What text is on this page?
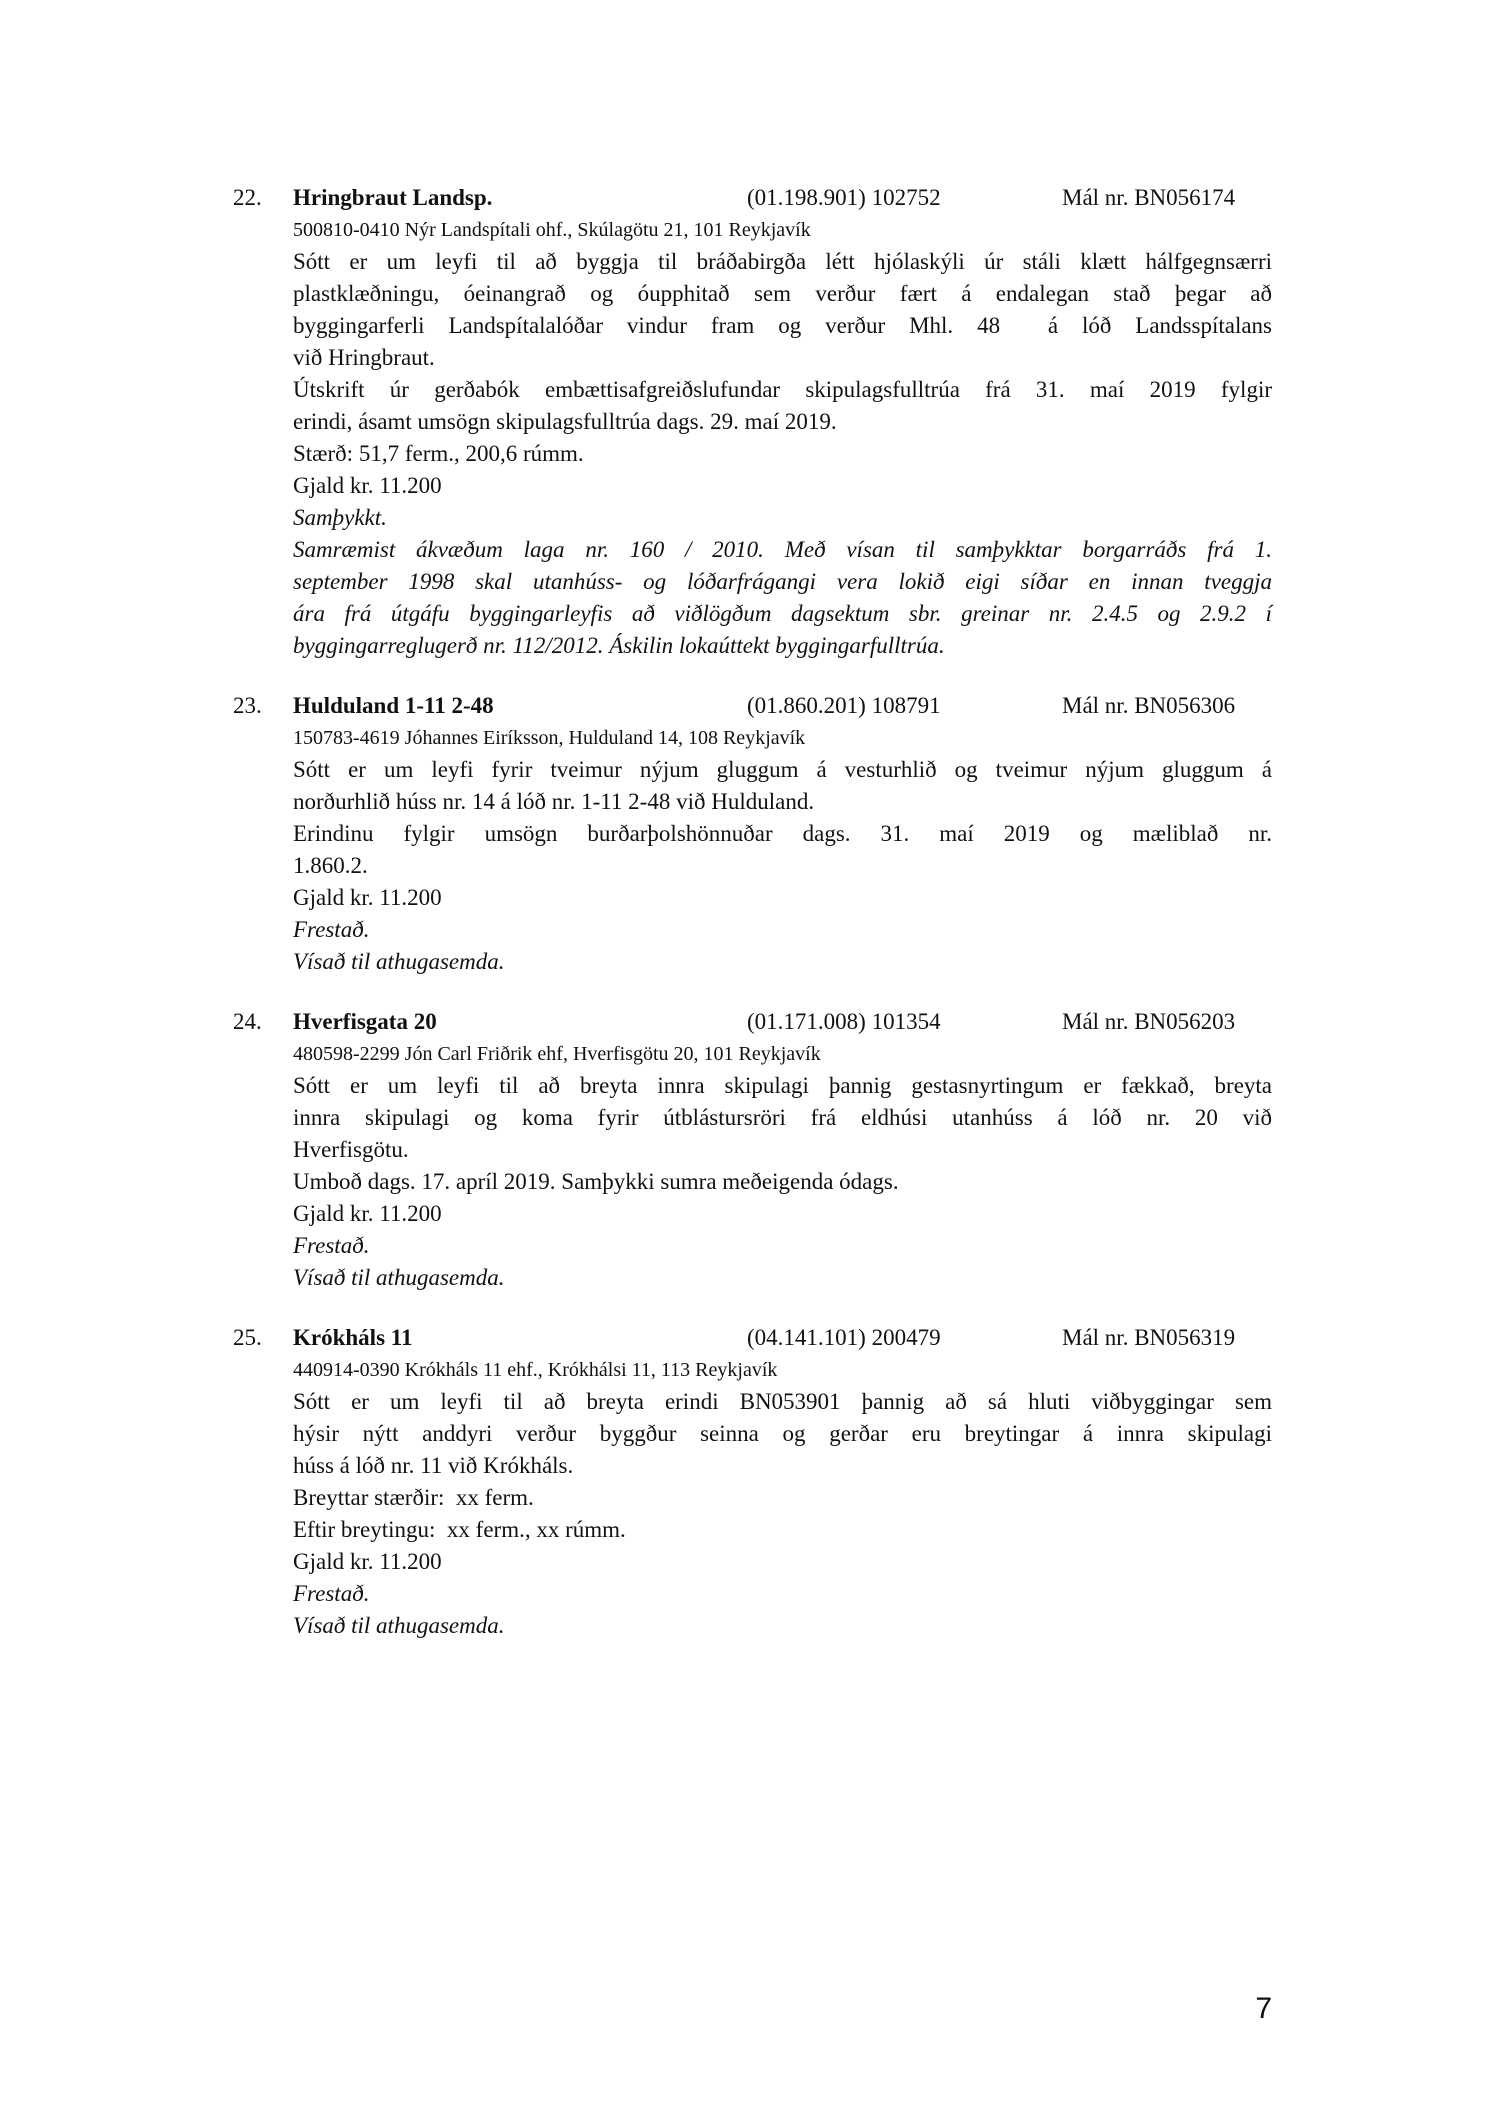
22. Hringbraut Landsp.	(01.198.901) 102752	Mál nr. BN056174
500810-0410 Nýr Landspítali ohf., Skúlagötu 21, 101 Reykjavík
Sótt er um leyfi til að byggja til bráðabirgða létt hjólaskýli úr stáli klætt hálfgegnsærri
plastklæðningu, óeinangrað og óupphitað sem verður fært á endalegan stað þegar að
byggingarferli Landspítalalóðar vindur fram og verður Mhl. 48  á lóð Landsspítalans
við Hringbraut.
Útskrift úr gerðabók embættisafgreiðslufundar skipulagsfulltrúa frá 31. maí 2019 fylgir
erindi, ásamt umsögn skipulagsfulltrúa dags. 29. maí 2019.
Stærð: 51,7 ferm., 200,6 rúmm.
Gjald kr. 11.200
Samþykkt.
Samræmist ákvæðum laga nr. 160 / 2010. Með vísan til samþykktar borgarráðs frá 1.
september 1998 skal utanhúss- og lóðarfrágangi vera lokið eigi síðar en innan tveggja
ára frá útgáfu byggingarleyfis að viðlögðum dagsektum sbr. greinar nr. 2.4.5 og 2.9.2 í
byggingarreglugerð nr. 112/2012. Áskilin lokaúttekt byggingarfulltrúa.
23. Hulduland 1-11 2-48	(01.860.201) 108791	Mál nr. BN056306
150783-4619 Jóhannes Eiríksson, Hulduland 14, 108 Reykjavík
Sótt er um leyfi fyrir tveimur nýjum gluggum á vesturhlið og tveimur nýjum gluggum á
norðurhlið húss nr. 14 á lóð nr. 1-11 2-48 við Hulduland.
Erindinu fylgir umsögn burðarþolshönnuðar dags. 31. maí 2019 og mæliblað nr.
1.860.2.
Gjald kr. 11.200
Frestað.
Vísað til athugasemda.
24. Hverfisgata 20	(01.171.008) 101354	Mál nr. BN056203
480598-2299 Jón Carl Friðrik ehf, Hverfisgötu 20, 101 Reykjavík
Sótt er um leyfi til að breyta innra skipulagi þannig gestasnyrtingum er fækkað, breyta
innra skipulagi og koma fyrir útblástursröri frá eldhúsi utanhúss á lóð nr. 20 við
Hverfisgötu.
Umboð dags. 17. apríl 2019. Samþykki sumra meðeigenda ódags.
Gjald kr. 11.200
Frestað.
Vísað til athugasemda.
25. Krókháls 11	(04.141.101) 200479	Mál nr. BN056319
440914-0390 Krókháls 11 ehf., Krókhálsi 11, 113 Reykjavík
Sótt er um leyfi til að breyta erindi BN053901 þannig að sá hluti viðbyggingar sem
hýsir nýtt anddyri verður byggður seinna og gerðar eru breytingar á innra skipulagi
húss á lóð nr. 11 við Krókháls.
Breyttar stærðir:  xx ferm.
Eftir breytingu:  xx ferm., xx rúmm.
Gjald kr. 11.200
Frestað.
Vísað til athugasemda.
7
